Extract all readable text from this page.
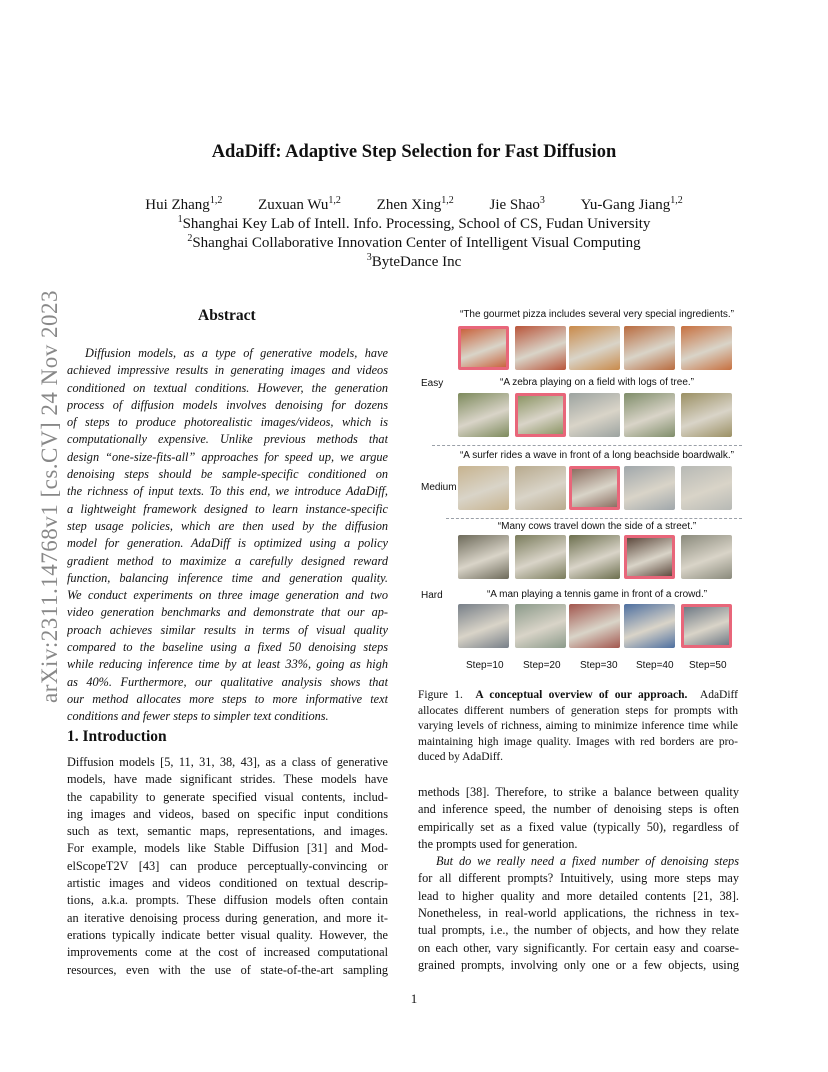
arXiv:2311.14768v1 [cs.CV] 24 Nov 2023
AdaDiff: Adaptive Step Selection for Fast Diffusion
Hui Zhang$^{1,2}$ Zuxuan Wu$^{1,2}$ Zhen Xing$^{1,2}$ Jie Shao$^3$ Yu-Gang Jiang$^{1,2}$
$^1$Shanghai Key Lab of Intell. Info. Processing, School of CS, Fudan University
$^2$Shanghai Collaborative Innovation Center of Intelligent Visual Computing
$^3$ByteDance Inc
Abstract
Diffusion models, as a type of generative models, have
achieved impressive results in generating images and videos
conditioned on textual conditions. However, the generation
process of diffusion models involves denoising for dozens
of steps to produce photorealistic images/videos, which is
computationally expensive. Unlike previous methods that
design “one-size-fits-all” approaches for speed up, we argue
denoising steps should be sample-specific conditioned on
the richness of input texts. To this end, we introduce AdaDiff,
a lightweight framework designed to learn instance-specific
step usage policies, which are then used by the diffusion
model for generation. AdaDiff is optimized using a policy
gradient method to maximize a carefully designed reward
function, balancing inference time and generation quality.
We conduct experiments on three image generation and two
video generation benchmarks and demonstrate that our ap-
proach achieves similar results in terms of visual quality
compared to the baseline using a fixed 50 denoising steps
while reducing inference time by at least 33%, going as high
as 40%. Furthermore, our qualitative analysis shows that
our method allocates more steps to more informative text
conditions and fewer steps to simpler text conditions.
1. Introduction
Diffusion models [5, 11, 31, 38, 43], as a class of generative
models, have made significant strides. These models have
the capability to generate specified visual contents, includ-
ing images and videos, based on specific input conditions
such as text, semantic maps, representations, and images.
For example, models like Stable Diffusion [31] and Mod-
elScopeT2V [43] can produce perceptually-convincing or
artistic images and videos conditioned on textual descrip-
tions, a.k.a. prompts. These diffusion models often contain
an iterative denoising process during generation, and more it-
erations typically indicate better visual quality. However, the
improvements come at the cost of increased computational
resources, even with the use of state-of-the-art sampling
Easy
Medium
Hard
“The gourmet pizza includes several very special ingredients.”
“A zebra playing on a field with logs of tree.”
“A surfer rides a wave in front of a long beachside boardwalk.”
“Many cows travel down the side of a street.”
“A man playing a tennis game in front of a crowd.”
Step=10 Step=20 Step=30 Step=40 Step=50
Figure 1. A conceptual overview of our approach. AdaDiff
allocates different numbers of generation steps for prompts with
varying levels of richness, aiming to minimize inference time while
maintaining high image quality. Images with red borders are pro-
duced by AdaDiff.
methods [38]. Therefore, to strike a balance between quality
and inference speed, the number of denoising steps is often
empirically set as a fixed value (typically 50), regardless of
the prompts used for generation.
But do we really need a fixed number of denoising steps
for all different prompts? Intuitively, using more steps may
lead to higher quality and more detailed contents [21, 38].
Nonetheless, in real-world applications, the richness in tex-
tual prompts, i.e., the number of objects, and how they relate
on each other, vary significantly. For certain easy and coarse-
grained prompts, involving only one or a few objects, using
1
